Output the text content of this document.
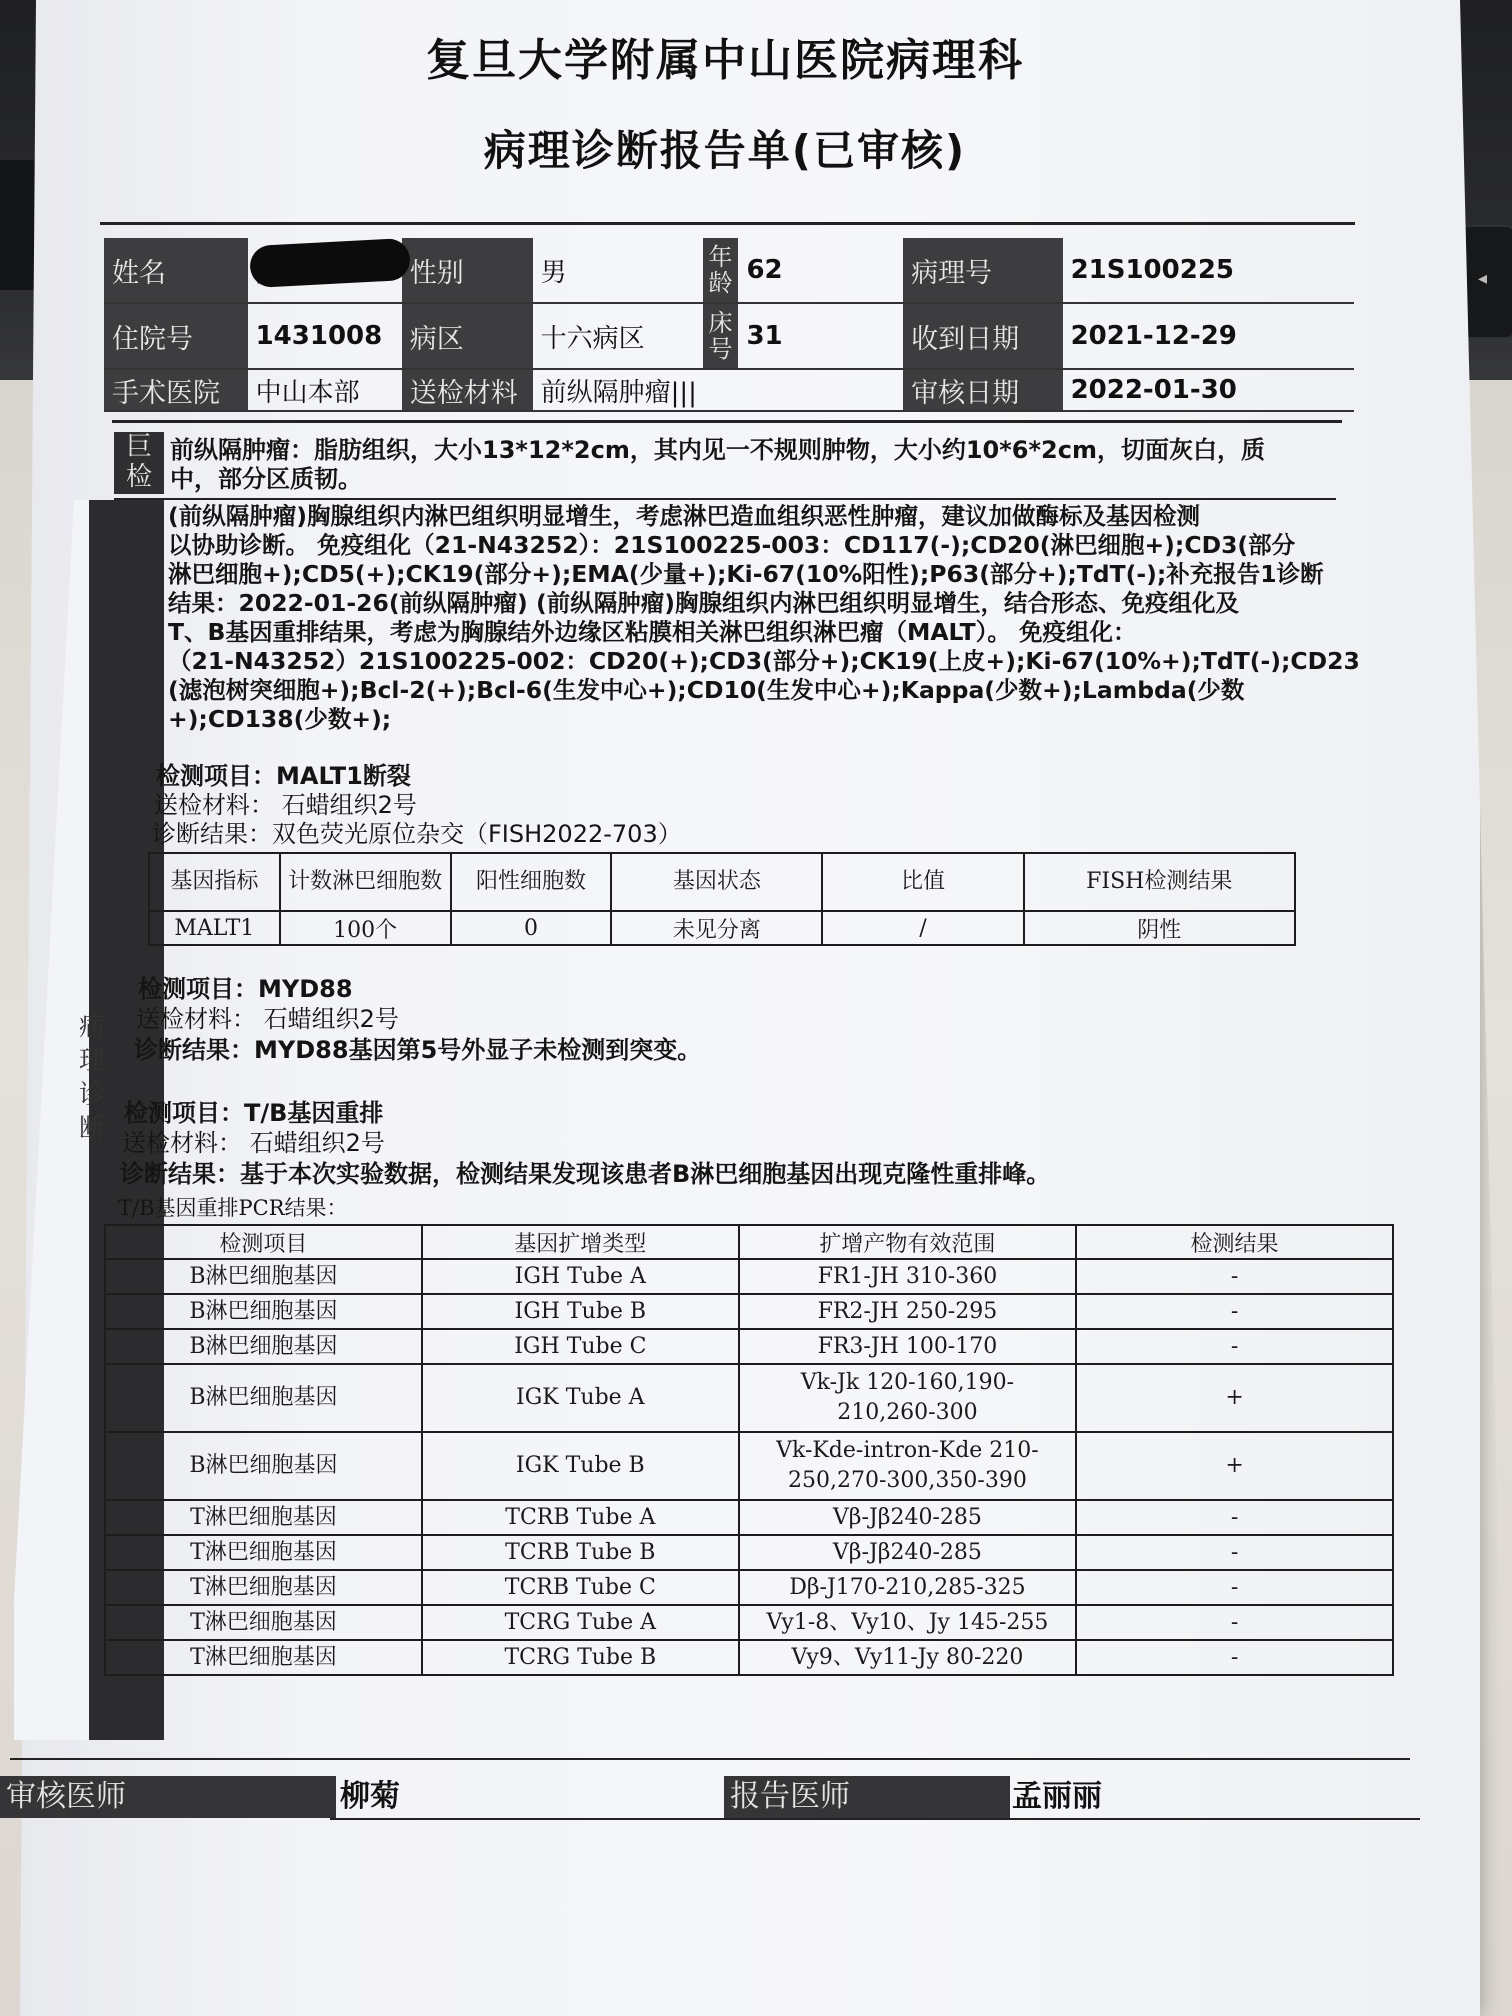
◂
复旦大学附属中山医院病理科
病理诊断报告单(已审核)
姓名		性别	男	年龄	62	病理号	21S100225
住院号	1431008	病区	十六病区	床号	31	收到日期	2021-12-29
手术医院	中山本部	送检材料	前纵隔肿瘤|||			审核日期	2022-01-30
巨检
前纵隔肿瘤：脂肪组织，大小13*12*2cm，其内见一不规则肿物，大小约10*6*2cm，切面灰白，质
中，部分区质韧。
病理诊断
(前纵隔肿瘤)胸腺组织内淋巴组织明显增生，考虑淋巴造血组织恶性肿瘤，建议加做酶标及基因检测
以协助诊断。 免疫组化（21-N43252）：21S100225-003：CD117(-);CD20(淋巴细胞+);CD3(部分
淋巴细胞+);CD5(+);CK19(部分+);EMA(少量+);Ki-67(10%阳性);P63(部分+);TdT(-);补充报告1诊断
结果：2022-01-26(前纵隔肿瘤) (前纵隔肿瘤)胸腺组织内淋巴组织明显增生，结合形态、免疫组化及
T、B基因重排结果，考虑为胸腺结外边缘区粘膜相关淋巴组织淋巴瘤（MALT）。 免疫组化：
（21-N43252）21S100225-002：CD20(+);CD3(部分+);CK19(上皮+);Ki-67(10%+);TdT(-);CD23
(滤泡树突细胞+);Bcl-2(+);Bcl-6(生发中心+);CD10(生发中心+);Kappa(少数+);Lambda(少数
+);CD138(少数+);
检测项目：MALT1断裂
送检材料： 石蜡组织2号
诊断结果：双色荧光原位杂交（FISH2022-703）
基因指标	计数淋巴细胞数	阳性细胞数	基因状态	比值	FISH检测结果
MALT1	100个	0	未见分离	/	阴性
检测项目：MYD88
送检材料： 石蜡组织2号
诊断结果：MYD88基因第5号外显子未检测到突变。
检测项目：T/B基因重排
送检材料： 石蜡组织2号
诊断结果：基于本次实验数据，检测结果发现该患者B淋巴细胞基因出现克隆性重排峰。
T/B基因重排PCR结果：
检测项目	基因扩增类型	扩增产物有效范围	检测结果
B淋巴细胞基因	IGH Tube A	FR1-JH 310-360	-
B淋巴细胞基因	IGH Tube B	FR2-JH 250-295	-
B淋巴细胞基因	IGH Tube C	FR3-JH 100-170	-
B淋巴细胞基因	IGK Tube A	Vk-Jk 120-160,190-
210,260-300	+
B淋巴细胞基因	IGK Tube B	Vk-Kde-intron-Kde 210-
250,270-300,350-390	+
T淋巴细胞基因	TCRB Tube A	Vβ-Jβ240-285	-
T淋巴细胞基因	TCRB Tube B	Vβ-Jβ240-285	-
T淋巴细胞基因	TCRB Tube C	Dβ-J170-210,285-325	-
T淋巴细胞基因	TCRG Tube A	Vy1-8、Vy10、Jy 145-255	-
T淋巴细胞基因	TCRG Tube B	Vy9、Vy11-Jy 80-220	-
审核医师	柳菊	报告医师	孟丽丽
